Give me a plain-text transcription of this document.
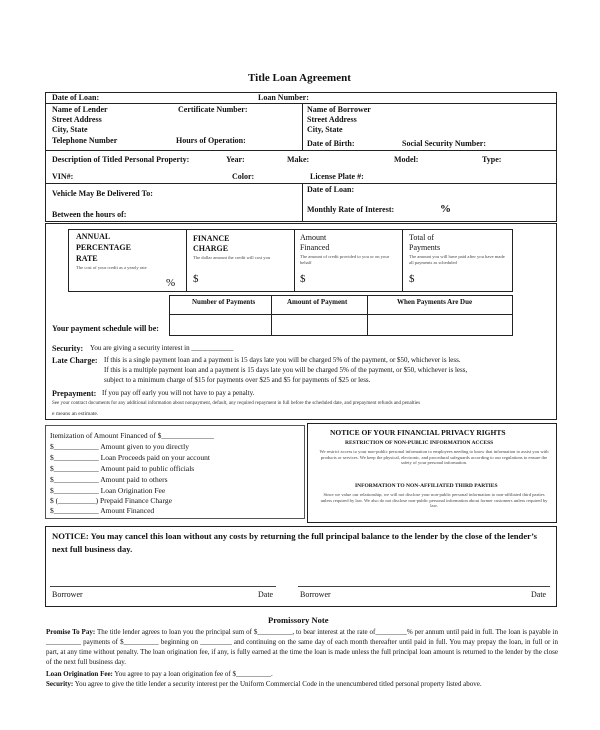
Title Loan Agreement
Date of Loan:	Loan Number:
Name of Lender
Street Address
City, State
Telephone Number
Certificate Number:
Hours of Operation:
Name of Borrower
Street Address
City, State
Date of Birth:	Social Security Number:
Description of Titled Personal Property:	Year:	Make:	Model:	Type:
VIN#:	Color:	License Plate #:
Vehicle May Be Delivered To:
Between the hours of:
Date of Loan:
Monthly Rate of Interest:	%
ANNUAL
PERCENTAGE
RATE
The cost of your credit as a yearly rate
%
FINANCE
CHARGE
The dollar amount the credit will cost you
$
Amount
Financed
The amount of credit provided to you or on your behalf
$
Total of
Payments
The amount you will have paid after you have made all payments as scheduled
$
Number of Payments	Amount of Payment	When Payments Are Due
Your payment schedule will be:
Security: You are giving a security interest in ____________
Late Charge: If this is a single payment loan and a payment is 15 days late you will be charged 5% of the payment, or $50, whichever is less.
If this is a multiple payment loan and a payment is 15 days late you will be charged 5% of the payment, or $50, whichever is less,
subject to a minimum charge of $15 for payments over $25 and $5 for payments of $25 or less.
Prepayment: If you pay off early you will not have to pay a penalty.
See your contract documents for any additional information about nonpayment, default, any required repayment in full before the scheduled date, and prepayment refunds and penalties
e means an estimate.
Itemization of Amount Financed of $______________
$____________ Amount given to you directly
$____________ Loan Proceeds paid on your account
$____________ Amount paid to public officials
$____________ Amount paid to others
$____________ Loan Origination Fee
$ (__________) Prepaid Finance Charge
$____________ Amount Financed
NOTICE OF YOUR FINANCIAL PRIVACY RIGHTS
RESTRICTION OF NON-PUBLIC INFORMATION ACCESS
We restrict access to your non-public personal information to employees needing to know that information to assist you with products or services. We keep the physical, electronic, and procedural safeguards according to our regulations to ensure the safety of your personal information.
INFORMATION TO NON-AFFILIATED THIRD PARTIES
Since we value our relationship, we will not disclose your non-public personal information to non-affiliated third parties unless required by law. We also do not disclose non-public personal information about former customers unless required by law.
NOTICE: You may cancel this loan without any costs by returning the full principal balance to the lender by the close of the lender’s next full business day.
Borrower	Date	Borrower	Date
Promissory Note
Promise To Pay: The title lender agrees to loan you the principal sum of $__________, to bear interest at the rate of_________% per annum until paid in full. The loan is payable in __________ payments of $__________ beginning on _________ and continuing on the same day of each month thereafter until paid in full. You may prepay the loan, in full or in part, at any time without penalty. The loan origination fee, if any, is fully earned at the time the loan is made unless the full principal loan amount is returned to the lender by the close of the next full business day.
Loan Origination Fee: You agree to pay a loan origination fee of $__________.
Security: You agree to give the title lender a security interest per the Uniform Commercial Code in the unencumbered titled personal property listed above.
